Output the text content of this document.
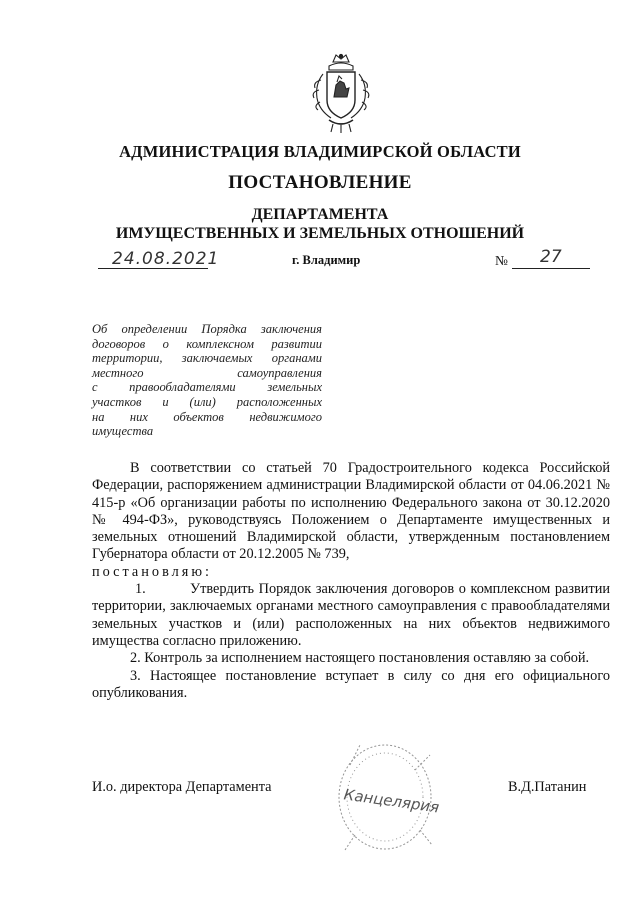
АДМИНИСТРАЦИЯ ВЛАДИМИРСКОЙ ОБЛАСТИ
ПОСТАНОВЛЕНИЕ
ДЕПАРТАМЕНТА
ИМУЩЕСТВЕННЫХ И ЗЕМЕЛЬНЫХ ОТНОШЕНИЙ
24.08.2021	г. Владимир	№ 27
Об определении Порядка заключения
договоров о комплексном развитии
территории, заключаемых органами
местного самоуправления
с правообладателями земельных
участков и (или) расположенных
на них объектов недвижимого
имущества

В соответствии со статьей 70 Градостроительного кодекса Российской Федерации, распоряжением администрации Владимирской области от 04.06.2021 № 415-р «Об организации работы по исполнению Федерального закона от 30.12.2020 № 494-ФЗ», руководствуясь Положением о Департаменте имущественных и земельных отношений Владимирской области, утвержденным постановлением Губернатора области от 20.12.2005 № 739,

постановляю:

1.	Утвердить Порядок заключения договоров о комплексном развитии территории, заключаемых органами местного самоуправления с правообладателями земельных участков и (или) расположенных на них объектов недвижимого имущества согласно приложению.

2. Контроль за исполнением настоящего постановления оставляю за собой.

3. Настоящее постановление вступает в силу со дня его официального опубликования.

И.о. директора Департамента	В.Д.Патанин
Канцелярия
